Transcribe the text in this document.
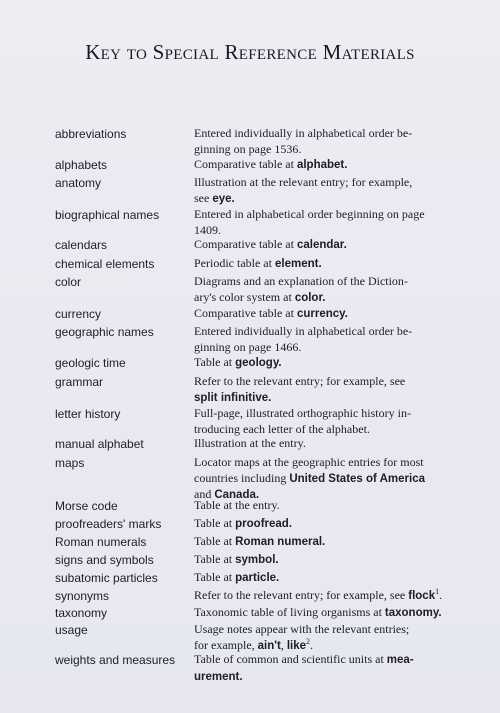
Key to Special Reference Materials
abbreviations	Entered individually in alphabetical order be-
ginning on page 1536.
alphabets	Comparative table at alphabet.
anatomy	Illustration at the relevant entry; for example,
see eye.
biographical names	Entered in alphabetical order beginning on page
1409.
calendars	Comparative table at calendar.
chemical elements	Periodic table at element.
color	Diagrams and an explanation of the Diction-
ary's color system at color.
currency	Comparative table at currency.
geographic names	Entered individually in alphabetical order be-
ginning on page 1466.
geologic time	Table at geology.
grammar	Refer to the relevant entry; for example, see
split infinitive.
letter history	Full-page, illustrated orthographic history in-
troducing each letter of the alphabet.
manual alphabet	Illustration at the entry.
maps	Locator maps at the geographic entries for most
countries including United States of America
and Canada.
Morse code	Table at the entry.
proofreaders' marks	Table at proofread.
Roman numerals	Table at Roman numeral.
signs and symbols	Table at symbol.
subatomic particles	Table at particle.
synonyms	Refer to the relevant entry; for example, see flock$^1$.
taxonomy	Taxonomic table of living organisms at taxonomy.
usage	Usage notes appear with the relevant entries;
for example, ain't, like$^2$.
weights and measures	Table of common and scientific units at mea-
urement.
